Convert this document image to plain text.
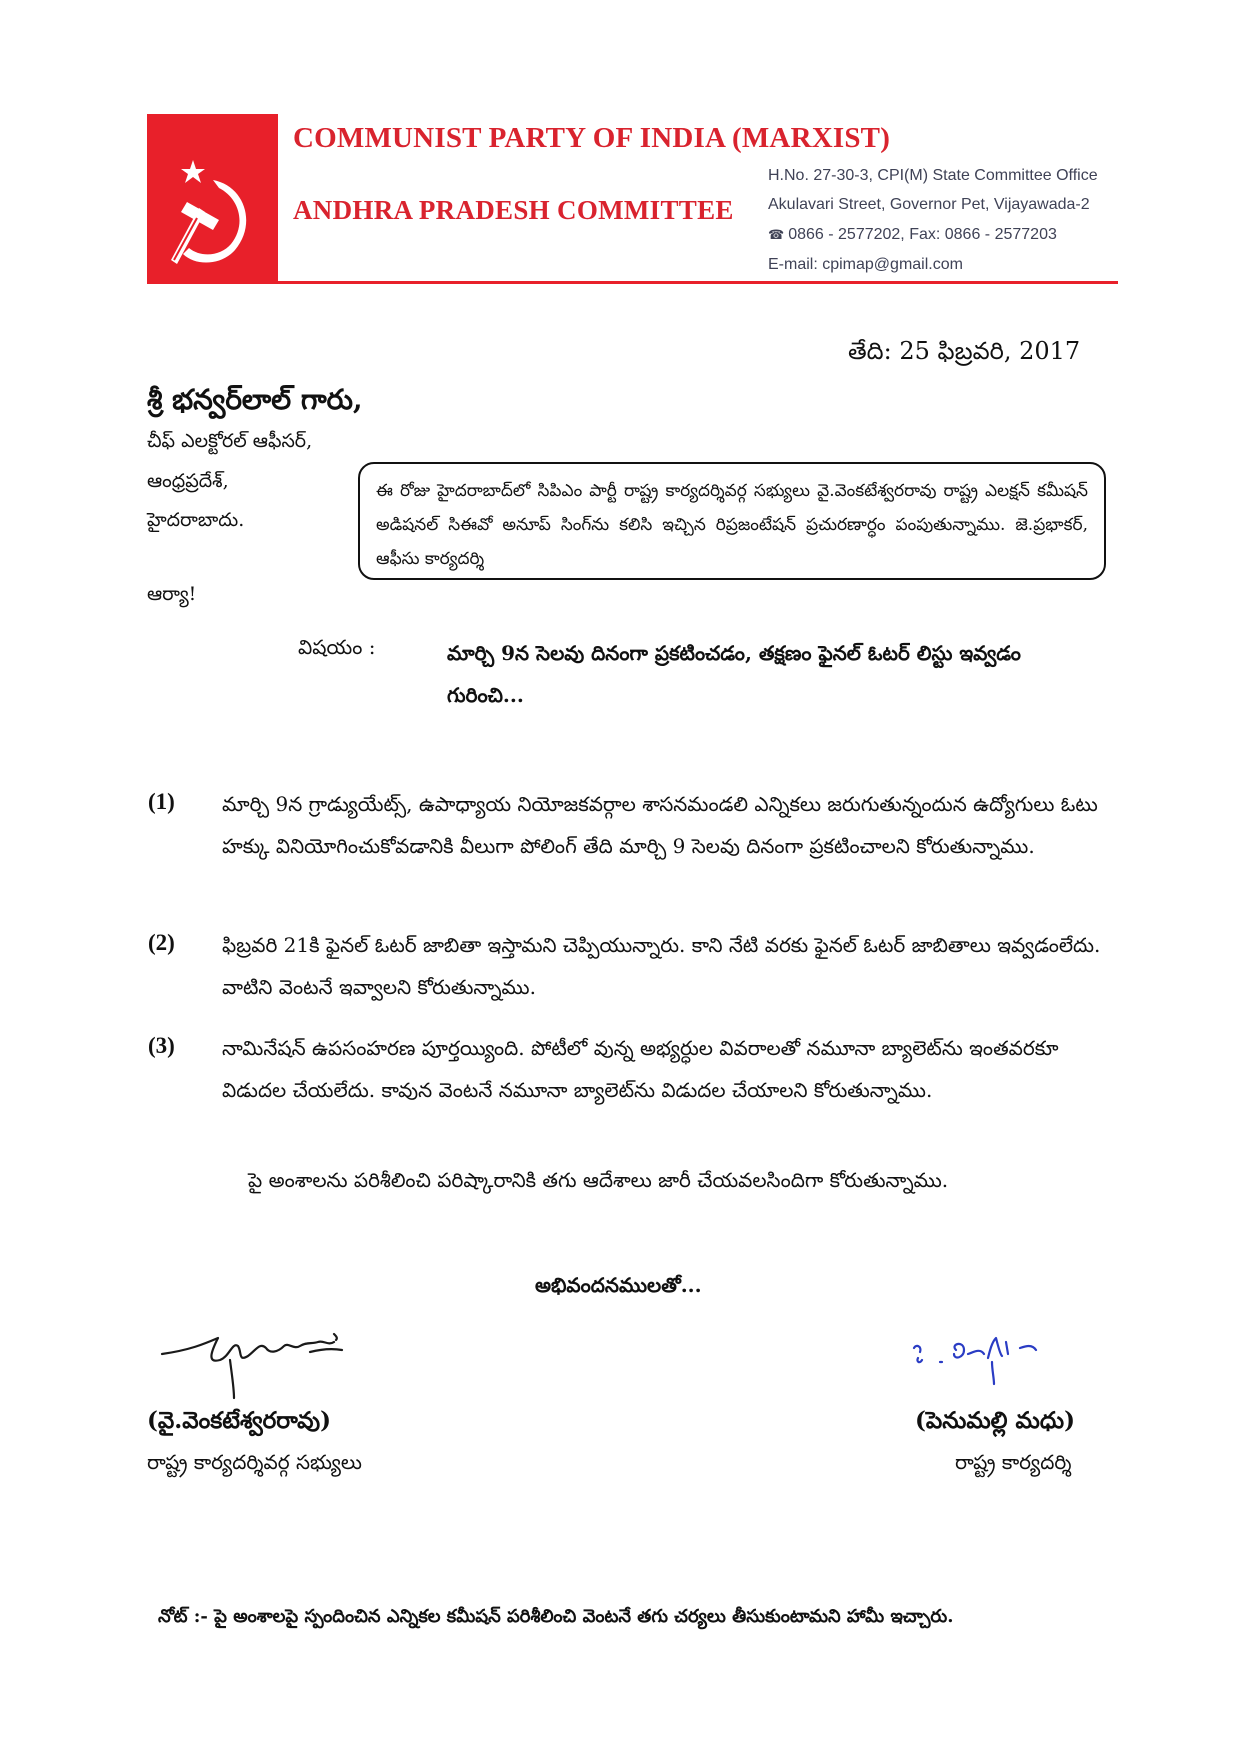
COMMUNIST PARTY OF INDIA (MARXIST)
ANDHRA PRADESH COMMITTEE
H.No. 27-30-3, CPI(M) State Committee Office
Akulavari Street, Governor Pet, Vijayawada-2
☎ 0866 - 2577202, Fax: 0866 - 2577203
E-mail: cpimap@gmail.com
తేది: 25 ఫిబ్రవరి, 2017
శ్రీ భన్వర్‌లాల్ గారు,
చీఫ్ ఎలక్టోరల్ ఆఫీసర్,
ఆంధ్రప్రదేశ్,
హైదరాబాదు.
ఈ రోజు హైదరాబాద్‌లో సిపిఎం పార్టీ రాష్ట్ర కార్యదర్శివర్గ సభ్యులు వై.వెంకటేశ్వరరావు రాష్ట్ర ఎలక్షన్ కమీషన్ అడిషనల్ సిఈవో అనూప్ సింగ్‌ను కలిసి ఇచ్చిన రిప్రజంటేషన్ ప్రచురణార్ధం పంపుతున్నాము. జె.ప్రభాకర్, ఆఫీసు కార్యదర్శి
ఆర్యా!
విషయం :	మార్చి 9న సెలవు దినంగా ప్రకటించడం, తక్షణం ఫైనల్ ఓటర్ లిస్టు ఇవ్వడం గురించి...
(1) మార్చి 9న గ్రాడ్యుయేట్స్, ఉపాధ్యాయ నియోజకవర్గాల శాసనమండలి ఎన్నికలు జరుగుతున్నందున ఉద్యోగులు ఓటు హక్కు వినియోగించుకోవడానికి వీలుగా పోలింగ్ తేది మార్చి 9 సెలవు దినంగా ప్రకటించాలని కోరుతున్నాము.
(2) ఫిబ్రవరి 21కి ఫైనల్ ఓటర్ జాబితా ఇస్తామని చెప్పియున్నారు. కాని నేటి వరకు ఫైనల్ ఓటర్ జాబితాలు ఇవ్వడంలేదు. వాటిని వెంటనే ఇవ్వాలని కోరుతున్నాము.
(3) నామినేషన్ ఉపసంహరణ పూర్తయ్యింది. పోటీలో వున్న అభ్యర్ధుల వివరాలతో నమూనా బ్యాలెట్‌ను ఇంతవరకూ విడుదల చేయలేదు. కావున వెంటనే నమూనా బ్యాలెట్‌ను విడుదల చేయాలని కోరుతున్నాము.
పై అంశాలను పరిశీలించి పరిష్కారానికి తగు ఆదేశాలు జారీ చేయవలసిందిగా కోరుతున్నాము.
అభివందనములతో...
(వై.వెంకటేశ్వరరావు)
రాష్ట్ర కార్యదర్శివర్గ సభ్యులు
(పెనుమల్లి మధు)
రాష్ట్ర కార్యదర్శి
నోట్ :- పై అంశాలపై స్పందించిన ఎన్నికల కమీషన్ పరిశీలించి వెంటనే తగు చర్యలు తీసుకుంటామని హామీ ఇచ్చారు.
